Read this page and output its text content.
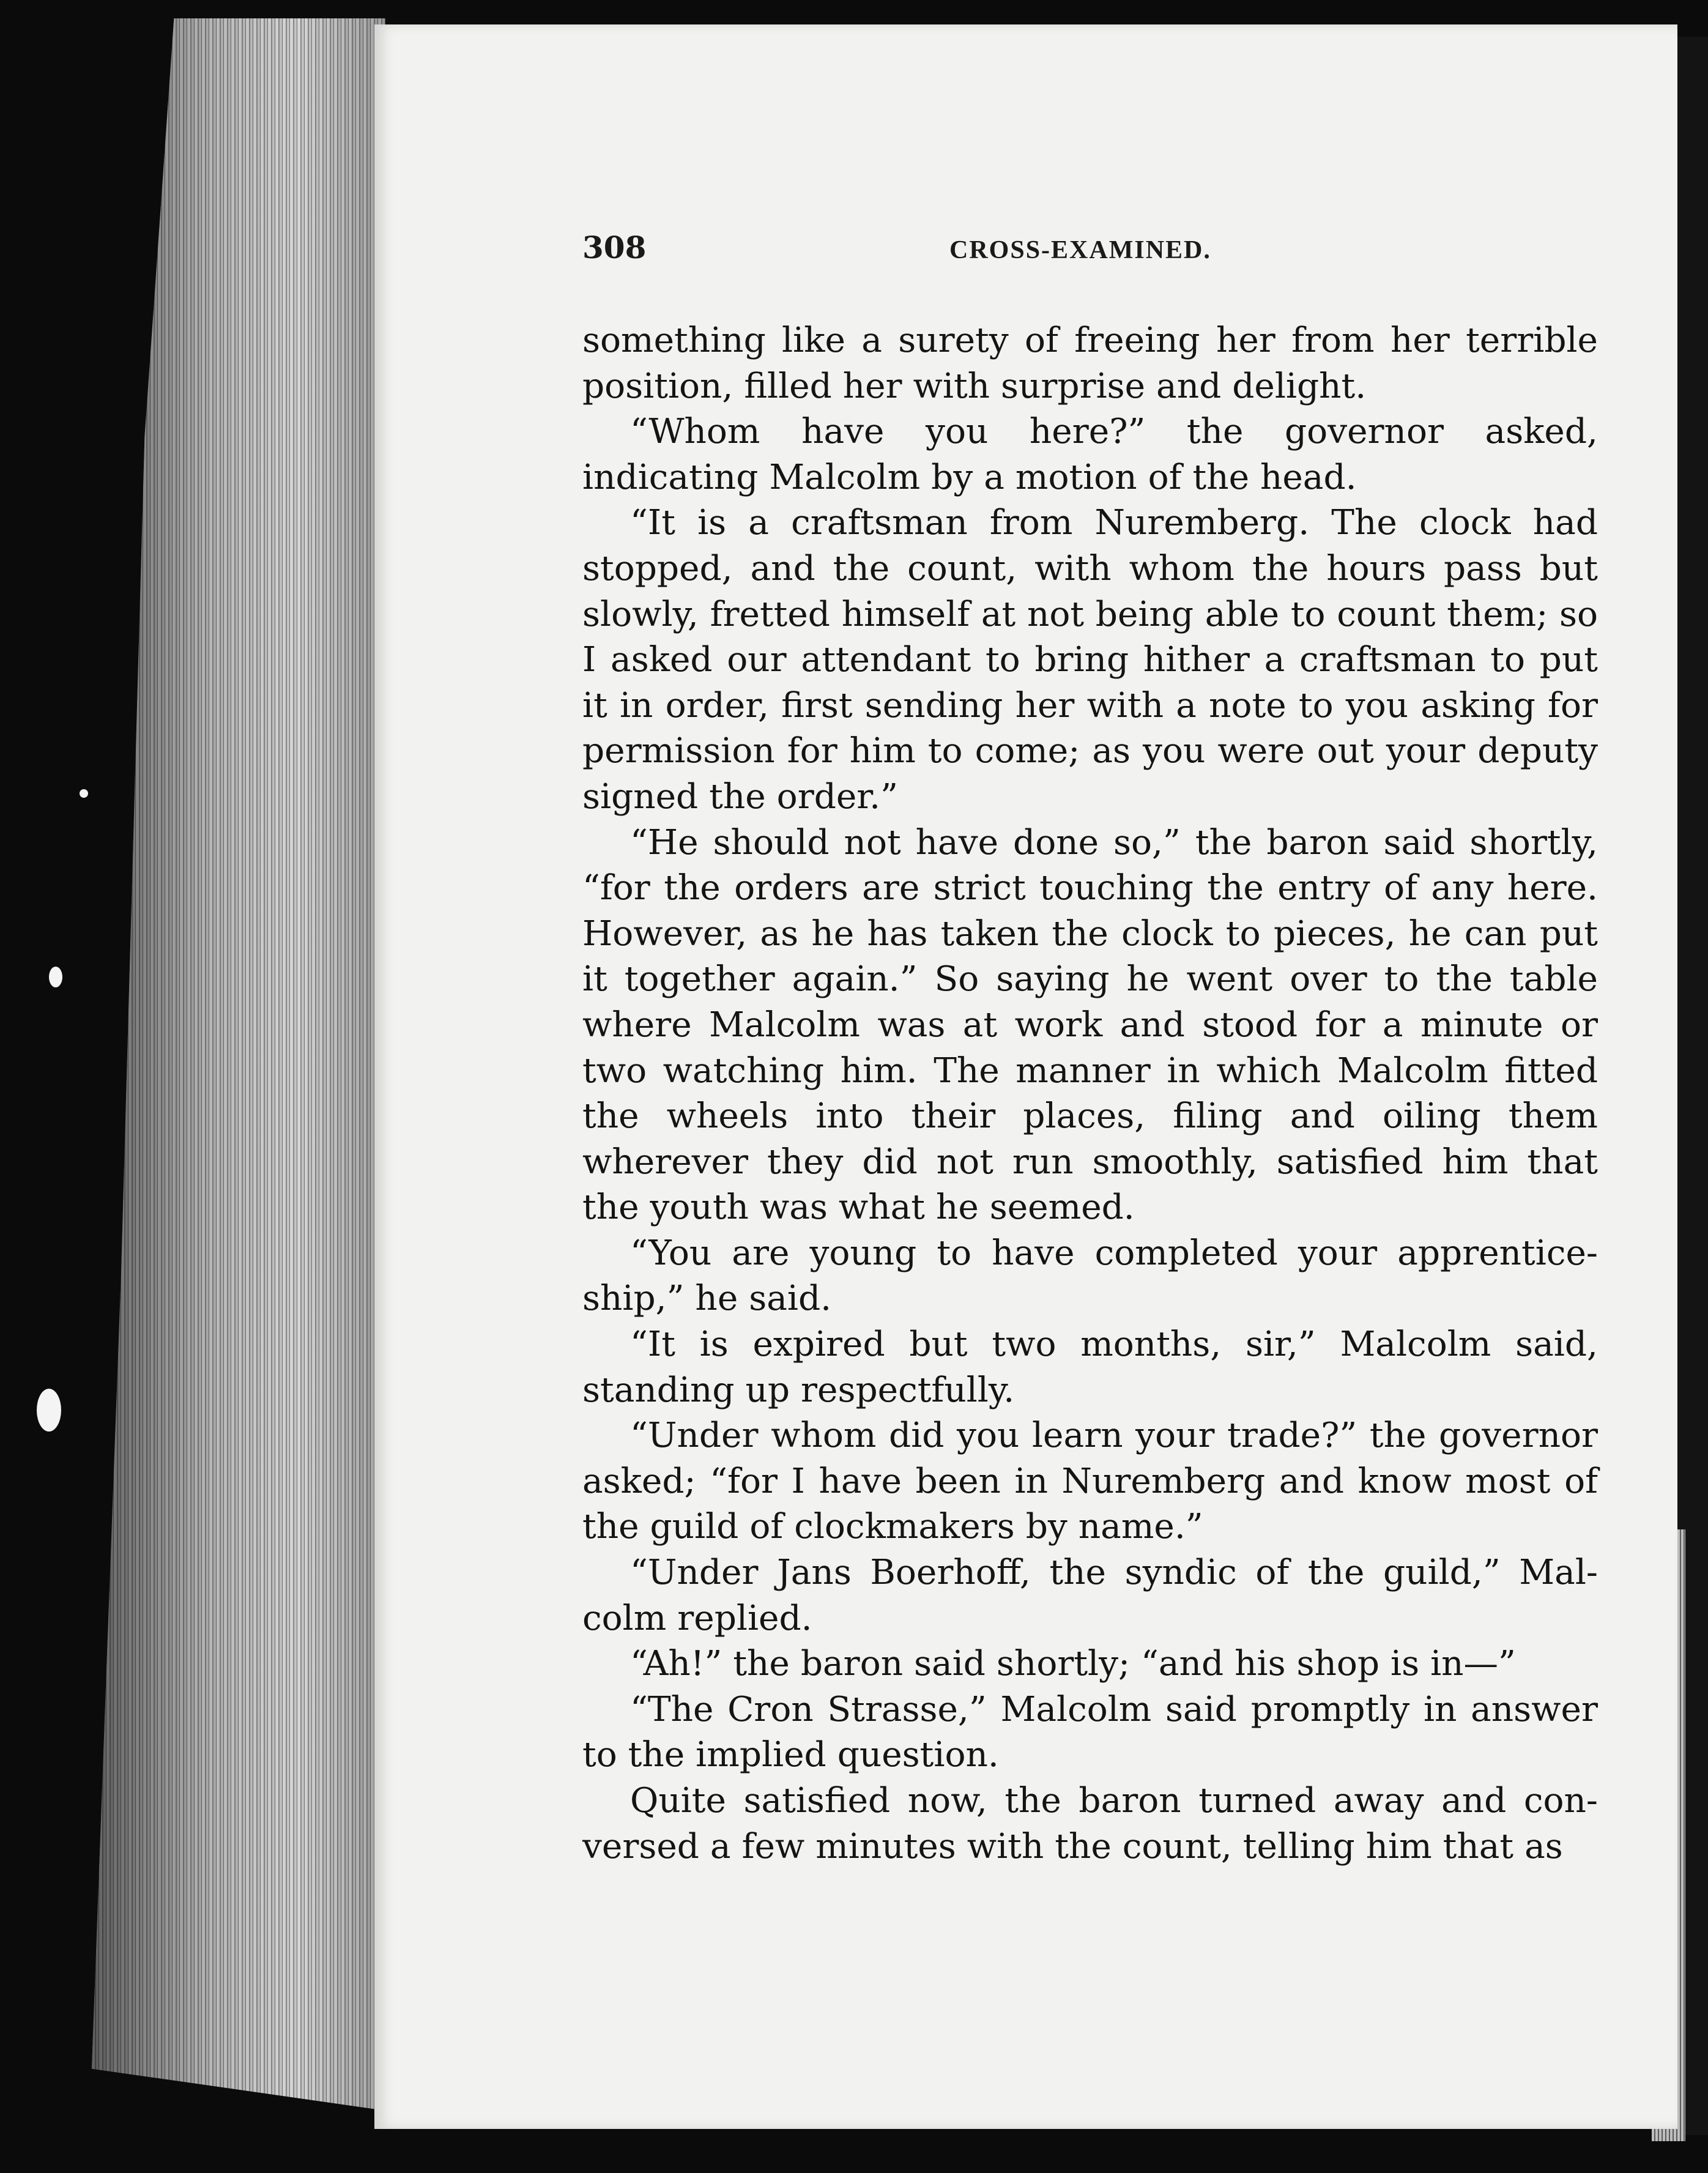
308	CROSS-EXAMINED.

something like a surety of freeing her from her terrible position, filled her with surprise and delight.

“Whom have you here?” the governor asked, indicating Malcolm by a motion of the head.

“It is a craftsman from Nuremberg. The clock had stopped, and the count, with whom the hours pass but slowly, fretted himself at not being able to count them; so I asked our attendant to bring hither a craftsman to put it in order, first sending her with a note to you asking for permission for him to come; as you were out your deputy signed the order.”

“He should not have done so,” the baron said shortly, “for the orders are strict touching the entry of any here. However, as he has taken the clock to pieces, he can put it together again.” So saying he went over to the table where Malcolm was at work and stood for a minute or two watching him. The manner in which Malcolm fitted the wheels into their places, filing and oiling them wherever they did not run smoothly, satisfied him that the youth was what he seemed.

“You are young to have completed your apprenticeship,” he said.

“It is expired but two months, sir,” Malcolm said, standing up respectfully.

“Under whom did you learn your trade?” the governor asked; “for I have been in Nuremberg and know most of the guild of clockmakers by name.”

“Under Jans Boerhoff, the syndic of the guild,” Malcolm replied.

“Ah!” the baron said shortly; “and his shop is in—”

“The Cron Strasse,” Malcolm said promptly in answer to the implied question.

Quite satisfied now, the baron turned away and conversed a few minutes with the count, telling him that as
